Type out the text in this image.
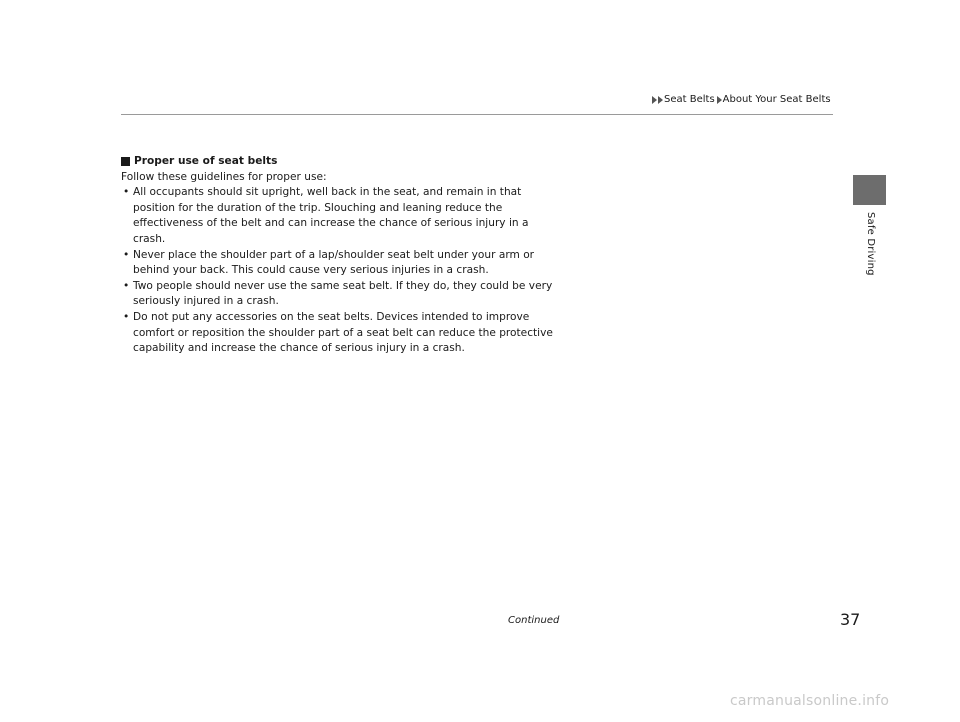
Seat Belts About Your Seat Belts
Safe Driving
Proper use of seat belts

Follow these guidelines for proper use:

• All occupants should sit upright, well back in the seat, and remain in that position for the duration of the trip. Slouching and leaning reduce the effectiveness of the belt and can increase the chance of serious injury in a crash.
• Never place the shoulder part of a lap/shoulder seat belt under your arm or behind your back. This could cause very serious injuries in a crash.
• Two people should never use the same seat belt. If they do, they could be very seriously injured in a crash.
• Do not put any accessories on the seat belts. Devices intended to improve comfort or reposition the shoulder part of a seat belt can reduce the protective capability and increase the chance of serious injury in a crash.
Continued	37
carmanualsonline.info
